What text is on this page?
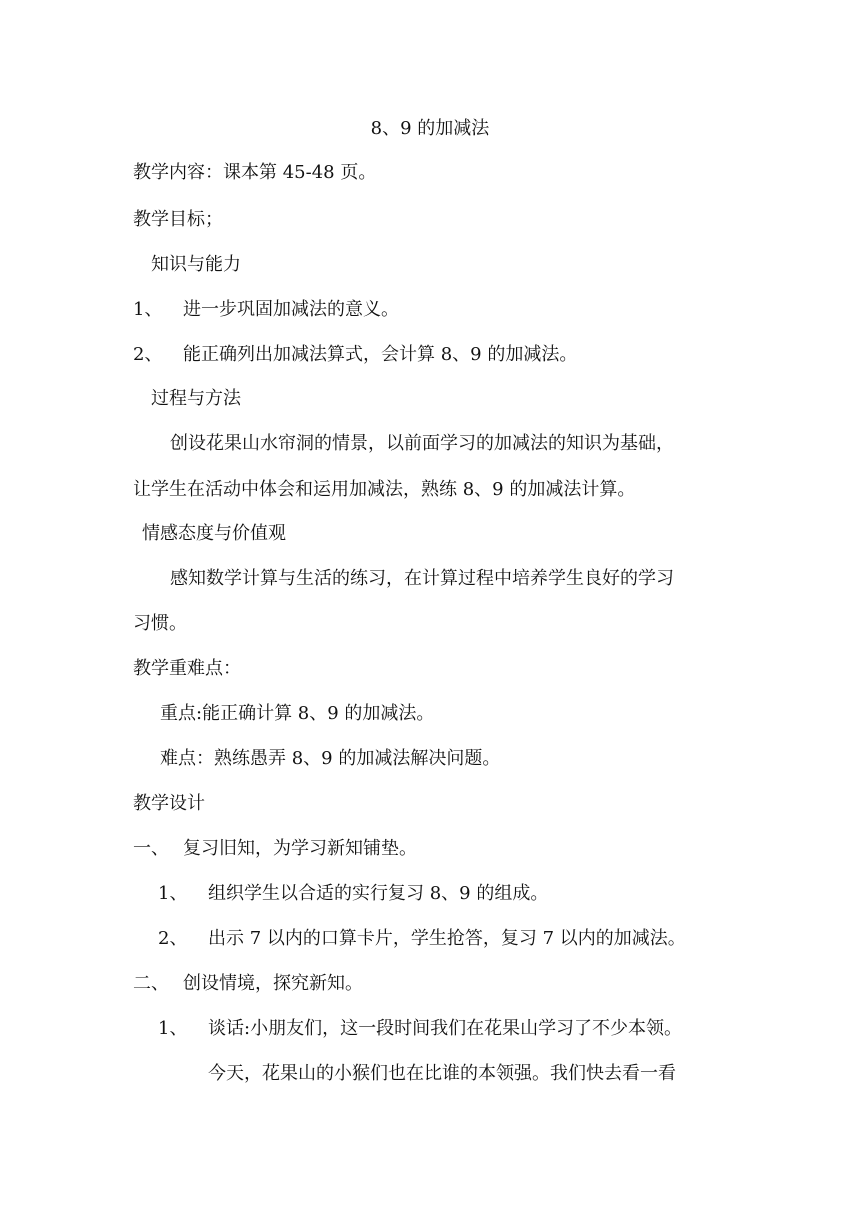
8、9 的加减法
教学内容：课本第 45-48 页。
教学目标；
知识与能力
1、 进一步巩固加减法的意义。
2、 能正确列出加减法算式，会计算 8、9 的加减法。
过程与方法
创设花果山水帘洞的情景，以前面学习的加减法的知识为基础，
让学生在活动中体会和运用加减法，熟练 8、9 的加减法计算。
情感态度与价值观
感知数学计算与生活的练习，在计算过程中培养学生良好的学习
习惯。
教学重难点：
重点:能正确计算 8、9 的加减法。
难点：熟练愚弄 8、9 的加减法解决问题。
教学设计
一、 复习旧知，为学习新知铺垫。
1、 组织学生以合适的实行复习 8、9 的组成。
2、 出示 7 以内的口算卡片，学生抢答，复习 7 以内的加减法。
二、 创设情境，探究新知。
1、 谈话:小朋友们，这一段时间我们在花果山学习了不少本领。
今天，花果山的小猴们也在比谁的本领强。我们快去看一看
